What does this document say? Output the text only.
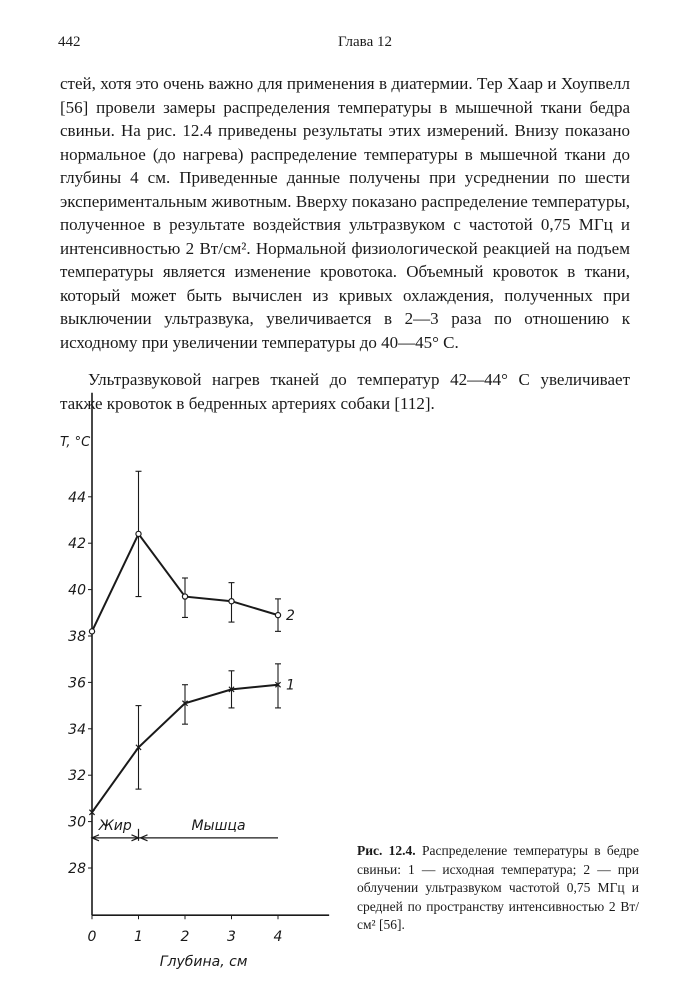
442	Глава 12

стей, хотя это очень важно для применения в диатермии. Тер Хаар и Хоупвелл [56] провели замеры распределения температуры в мышечной ткани бедра свиньи. На рис. 12.4 приведены результаты этих измерений. Внизу показано нормальное (до нагрева) распределение температуры в мышечной ткани до глубины 4 см. Приведенные данные получены при усреднении по шести экспериментальным животным. Вверху показано распределение температуры, полученное в результате воздействия ультразвуком с частотой 0,75 МГц и интенсивностью 2 Вт/см². Нормальной физиологической реакцией на подъем температуры является изменение кровотока. Объемный кровоток в ткани, который может быть вычислен из кривых охлаждения, полученных при выключении ультразвука, увеличивается в 2—3 раза по отношению к исходному при увеличении температуры до 40—45° С.

Ультразвуковой нагрев тканей до температур 42—44° С увеличивает также кровоток в бедренных артериях собаки [112].

T, °C
28
30
32
34
36
38
40
42
44
0	1	2	3	4
Глубина, см
Жир	Мышца
1
2

Рис. 12.4. Распределение температуры в бедре свиньи: 1 — исходная температура; 2 — при облучении ультразвуком частотой 0,75 МГц и средней по пространству интенсивностью 2 Вт/см² [56].
